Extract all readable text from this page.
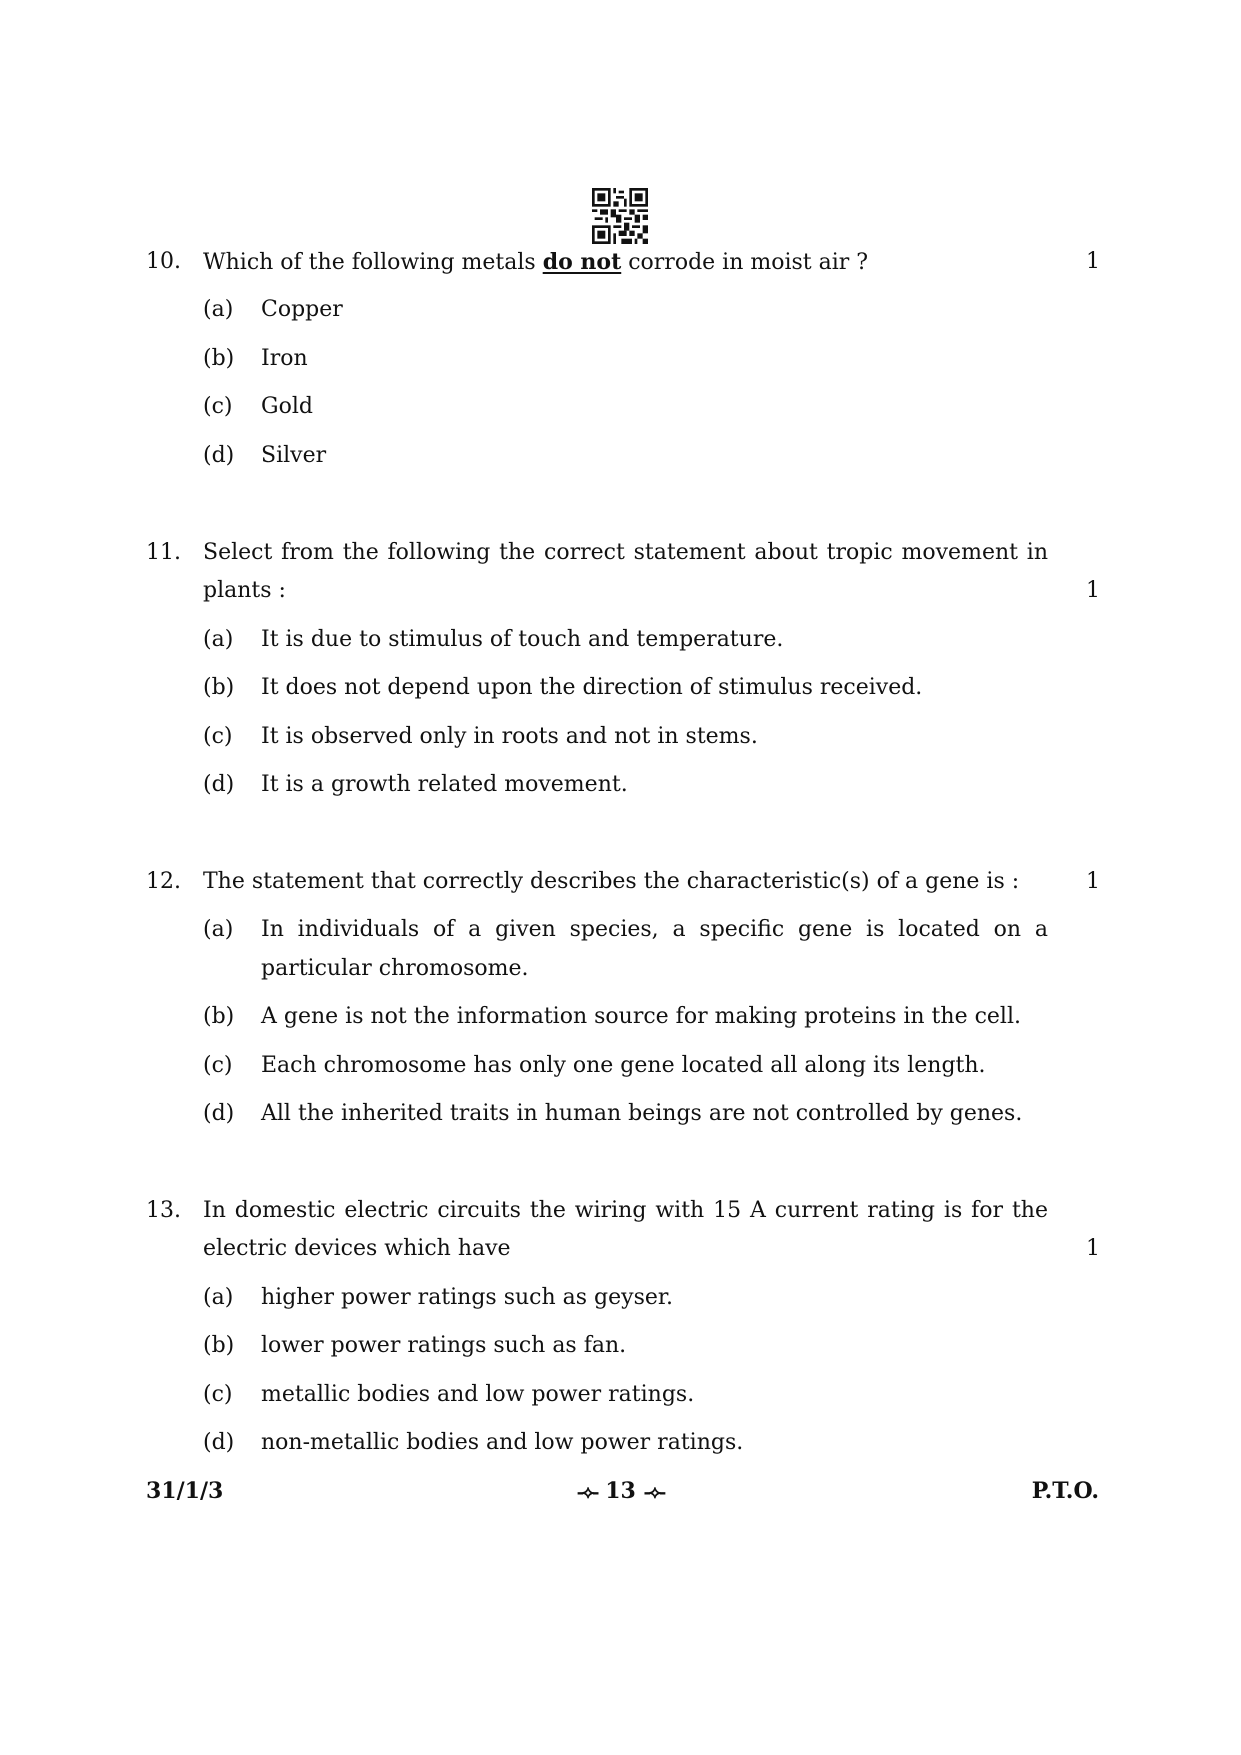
10. Which of the following metals do not corrode in moist air ?	1
(a) Copper
(b) Iron
(c) Gold
(d) Silver
11. Select from the following the correct statement about tropic movement in
plants :	1
(a) It is due to stimulus of touch and temperature.
(b) It does not depend upon the direction of stimulus received.
(c) It is observed only in roots and not in stems.
(d) It is a growth related movement.
12. The statement that correctly describes the characteristic(s) of a gene is :	1
(a) In individuals of a given species, a specific gene is located on a
particular chromosome.
(b) A gene is not the information source for making proteins in the cell.
(c) Each chromosome has only one gene located all along its length.
(d) All the inherited traits in human beings are not controlled by genes.
13. In domestic electric circuits the wiring with 15 A current rating is for the
electric devices which have	1
(a) higher power ratings such as geyser.
(b) lower power ratings such as fan.
(c) metallic bodies and low power ratings.
(d) non-metallic bodies and low power ratings.
31/1/3	-⟡- 13 -⟡-	P.T.O.
